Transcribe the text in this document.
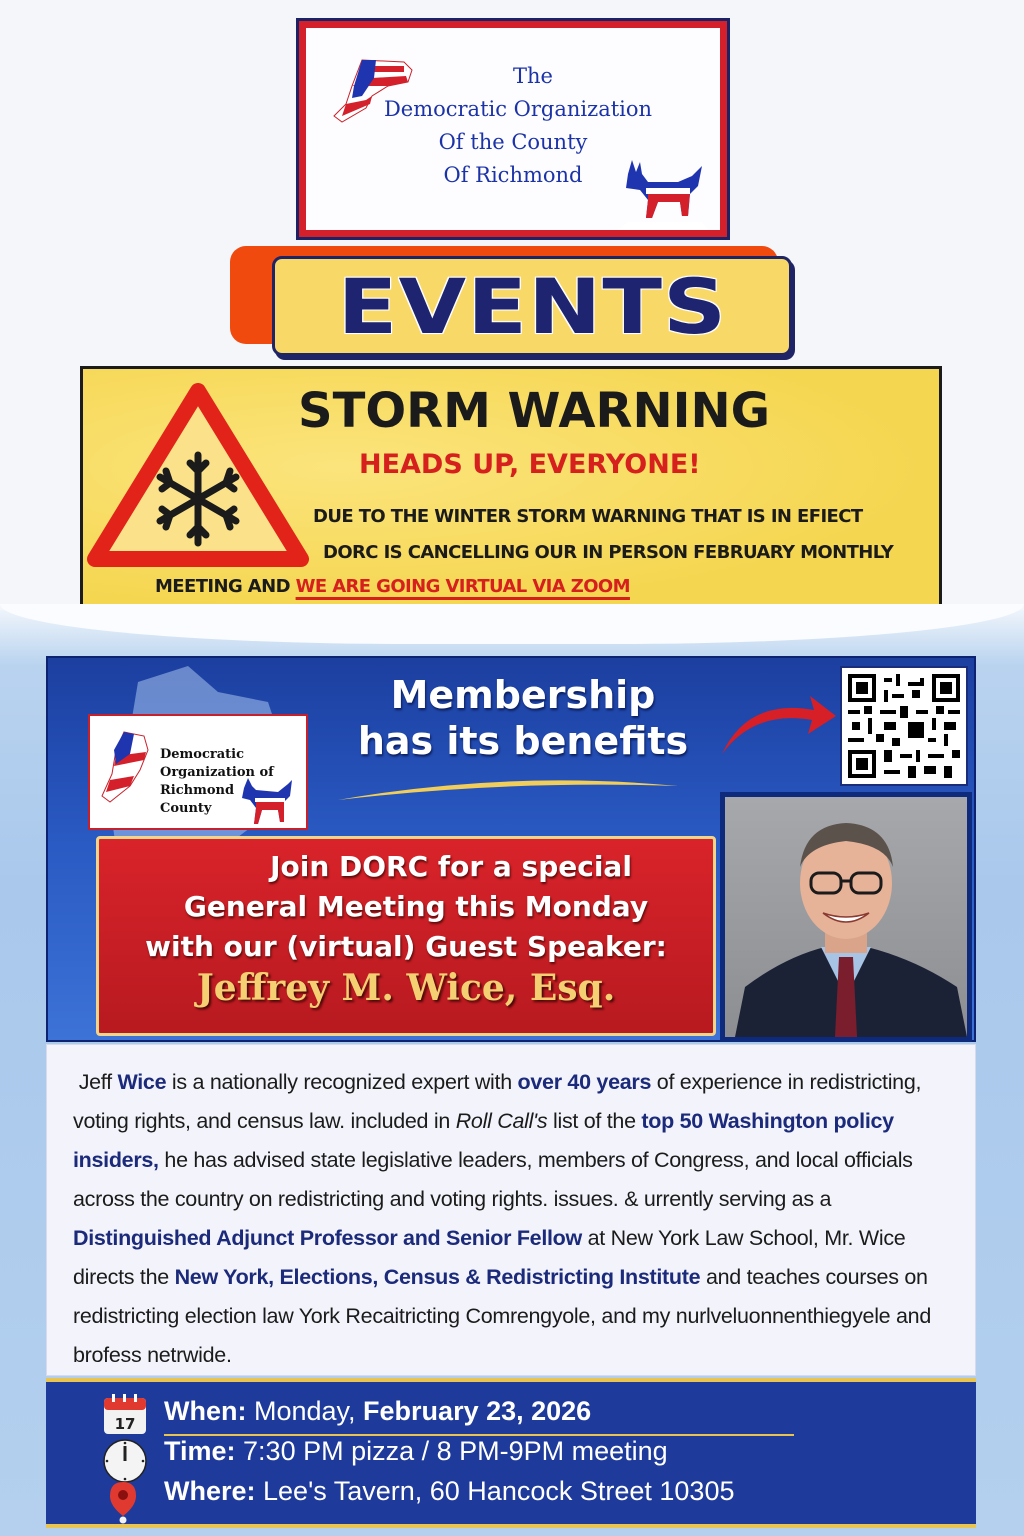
The
Democratic Organization
Of the County
Of Richmond
EVENTS
STORM WARNING
HEADS UP, EVERYONE!
DUE TO THE WINTER STORM WARNING THAT IS IN EFIECT
DORC IS CANCELLING OUR IN PERSON FEBRUARY MONTHLY
MEETING AND WE ARE GOING VIRTUAL VIA ZOOM
Democratic
Organization of
Richmond
County
Membership
has its benefits
Join DORC for a special
General Meeting this Monday
with our (virtual) Guest Speaker:
Jeffrey M. Wice, Esq.

Jeff Wice is a nationally recognized expert with over 40 years of experience in redistricting, voting rights, and census law. included in Roll Call's list of the top 50 Washington policy insiders, he has advised state legislative leaders, members of Congress, and local officials across the country on redistricting and voting rights. issues. & urrently serving as a Distinguished Adjunct Professor and Senior Fellow at New York Law School, Mr. Wice directs the New York, Elections, Census & Redistricting Institute and teaches courses on redistricting election law York Recaitricting Comrengyole, and my nurlveluonnenthiegyele and brofess netrwide.

17 When: Monday, February 23, 2026
Time: 7:30 PM pizza / 8 PM-9PM meeting
Where: Lee's Tavern, 60 Hancock Street 10305
